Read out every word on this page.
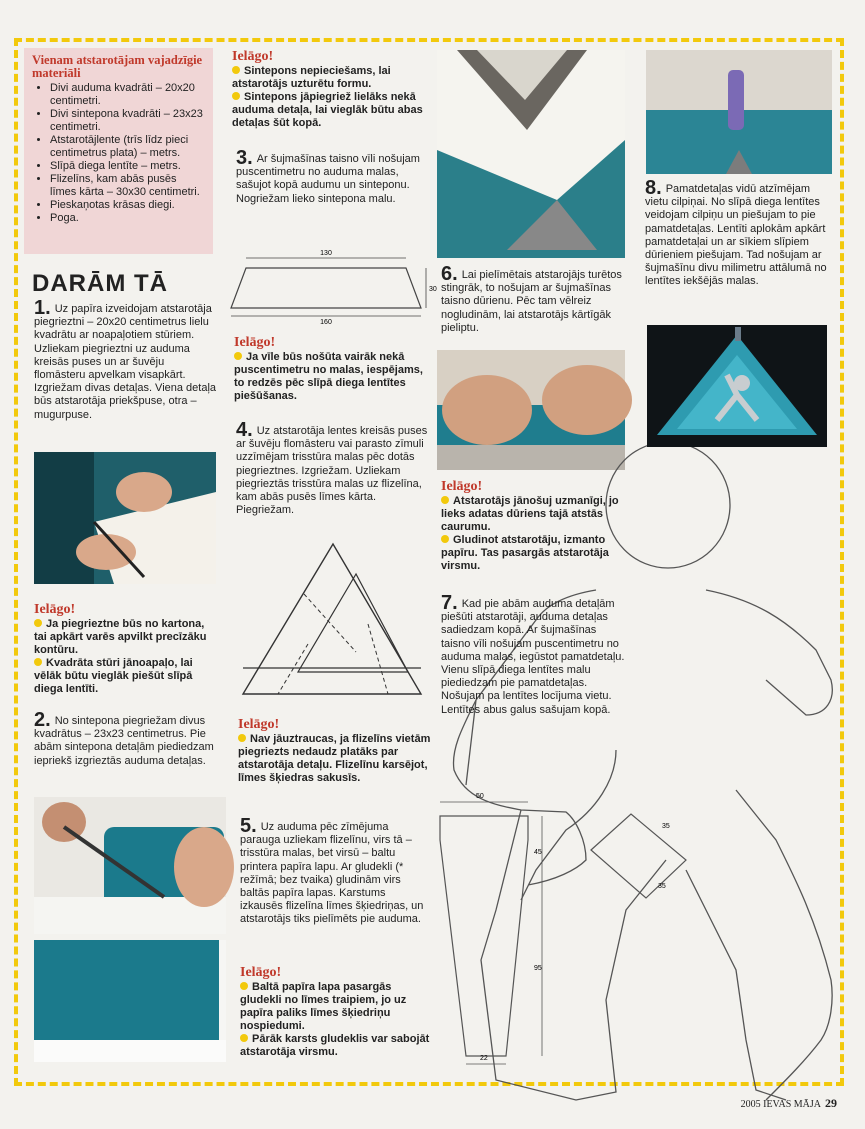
Vienam atstarotājam vajadzīgie materiāli
• Divi auduma kvadrāti – 20x20 centimetri.
• Divi sintepona kvadrāti – 23x23 centimetri.
• Atstarotājlente (trīs līdz pieci centimetrus plata) – metrs.
• Slīpā diega lentīte – metrs.
• Flizelīns, kam abās pusēs līmes kārta – 30x30 centimetri.
• Pieskaņotas krāsas diegi.
• Poga.
DARĀM TĀ

1. Uz papīra izveidojam atstarotāja piegrieztni – 20x20 centimetrus lielu kvadrātu ar noapaļotiem stūriem. Uzliekam piegrieztni uz auduma kreisās puses un ar šuvēju flomāsteru apvelkam visapkārt. Izgriežam divas detaļas. Viena detaļa būs atstarotāja priekšpuse, otra – mugurpuse.

Ielāgo!

Ja piegrieztne būs no kartona, tai apkārt varēs apvilkt precīzāku kontūru.

Kvadrāta stūri jānoapaļo, lai vēlāk būtu vieglāk piešūt slīpā diega lentīti.

2. No sintepona piegriežam divus kvadrātus – 23x23 centimetrus. Pie abām sintepona detaļām piediedzam iepriekš izgrieztās auduma detaļas.

Ielāgo!

Sintepons nepieciešams, lai atstarotājs uzturētu formu.

Sintepons jāpiegriež lielāks nekā auduma detaļa, lai vieglāk būtu abas detaļas šūt kopā.

3. Ar šujmašīnas taisno vīli nošujam puscentimetru no auduma malas, sašujot kopā audumu un sinteponu. Nogriežam lieko sintepona malu.

130
160
30
Ielāgo!

Ja vīle būs nošūta vairāk nekā puscentimetru no malas, iespējams, to redzēs pēc slīpā diega lentītes piešūšanas.

4. Uz atstarotāja lentes kreisās puses ar šuvēju flomāsteru vai parasto zīmuli uzzīmējam trisstūra malas pēc dotās piegrieztnes. Izgriežam. Uzliekam piegrieztās trisstūra malas uz flizelīna, kam abās pusēs līmes kārta. Piegriežam.

Ielāgo!

Nav jāuztraucas, ja flizelīns vietām piegriezts nedaudz platāks par atstarotāja detaļu. Flizelīnu karsējot, līmes šķiedras sakusīs.

5. Uz auduma pēc zīmējuma parauga uzliekam flizelīnu, virs tā – trisstūra malas, bet virsū – baltu printera papīra lapu. Ar gludekli (* režīmā; bez tvaika) gludinām virs baltās papīra lapas. Karstums izkausēs flizelīna līmes šķiedriņas, un atstarotājs tiks pielīmēts pie auduma.

Ielāgo!

Baltā papīra lapa pasargās gludekli no līmes traipiem, jo uz papīra paliks līmes šķiedriņu nospiedumi.

Pārāk karsts gludeklis var sabojāt atstarotāja virsmu.

6. Lai pielīmētais atstarojājs turētos stingrāk, to nošujam ar šujmašīnas taisno dūrienu. Pēc tam vēlreiz nogludinām, lai atstarotājs kārtīgāk pieliptu.

Ielāgo!

Atstarotājs jānošuj uzmanīgi, jo lieks adatas dūriens tajā atstās caurumu.

Gludinot atstarotāju, izmanto papīru. Tas pasargās atstarotāja virsmu.

7. Kad pie abām auduma detaļām piešūti atstarotāji, auduma detaļas sadiedzam kopā. Ar šujmašīnas taisno vīli nošujam puscentimetru no auduma malas, iegūstot pamatdetaļu. Vienu slīpā diega lentītes malu piediedzam pie pamatdetaļas. Nošujam pa lentītes locījuma vietu. Lentītes abus galus sašujam kopā.

50
45
95
22
35
35

8. Pamatdetaļas vidū atzīmējam vietu cilpiņai. No slīpā diega lentītes veidojam cilpiņu un piešujam to pie pamatdetaļas. Lentīti aplokām apkārt pamatdetaļai un ar sīkiem slīpiem dūrieniem piešujam. Tad nošujam ar šujmašīnu divu milimetru attālumā no lentītes iekšējās malas.

2005 IEVAS MĀJA 29
